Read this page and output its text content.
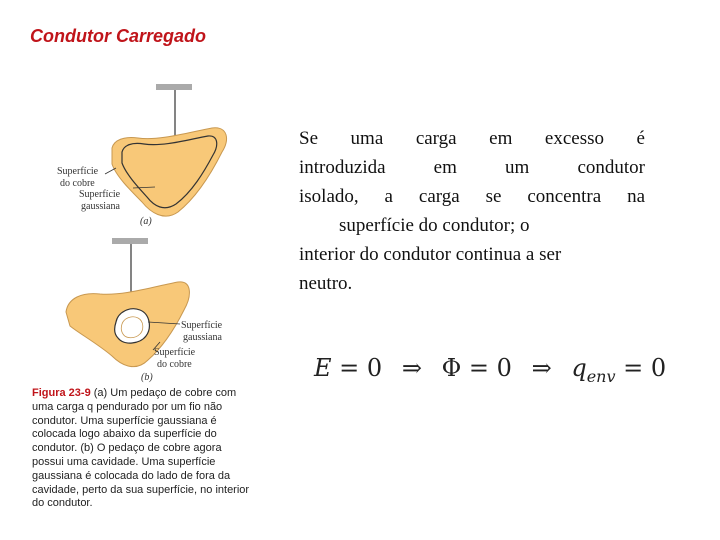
Condutor Carregado
Superfície
do cobre
Superfície
gaussiana
(a)
Superfície
gaussiana
Superfície
do cobre
(b)
Figura 23-9 (a) Um pedaço de cobre com uma carga q pendurado por um fio não condutor. Uma superfície gaussiana é colocada logo abaixo da superfície do condutor. (b) O pedaço de cobre agora possui uma cavidade. Uma superfície gaussiana é colocada do lado de fora da cavidade, perto da sua superfície, no interior do condutor.

Se uma carga em excesso é

introduzida em um condutor

isolado, a carga se concentra na

superfície do condutor; o

interior do condutor continua a ser

neutro.

E = 0 ⇒ Φ = 0 ⇒ $q_{env} = 0$
